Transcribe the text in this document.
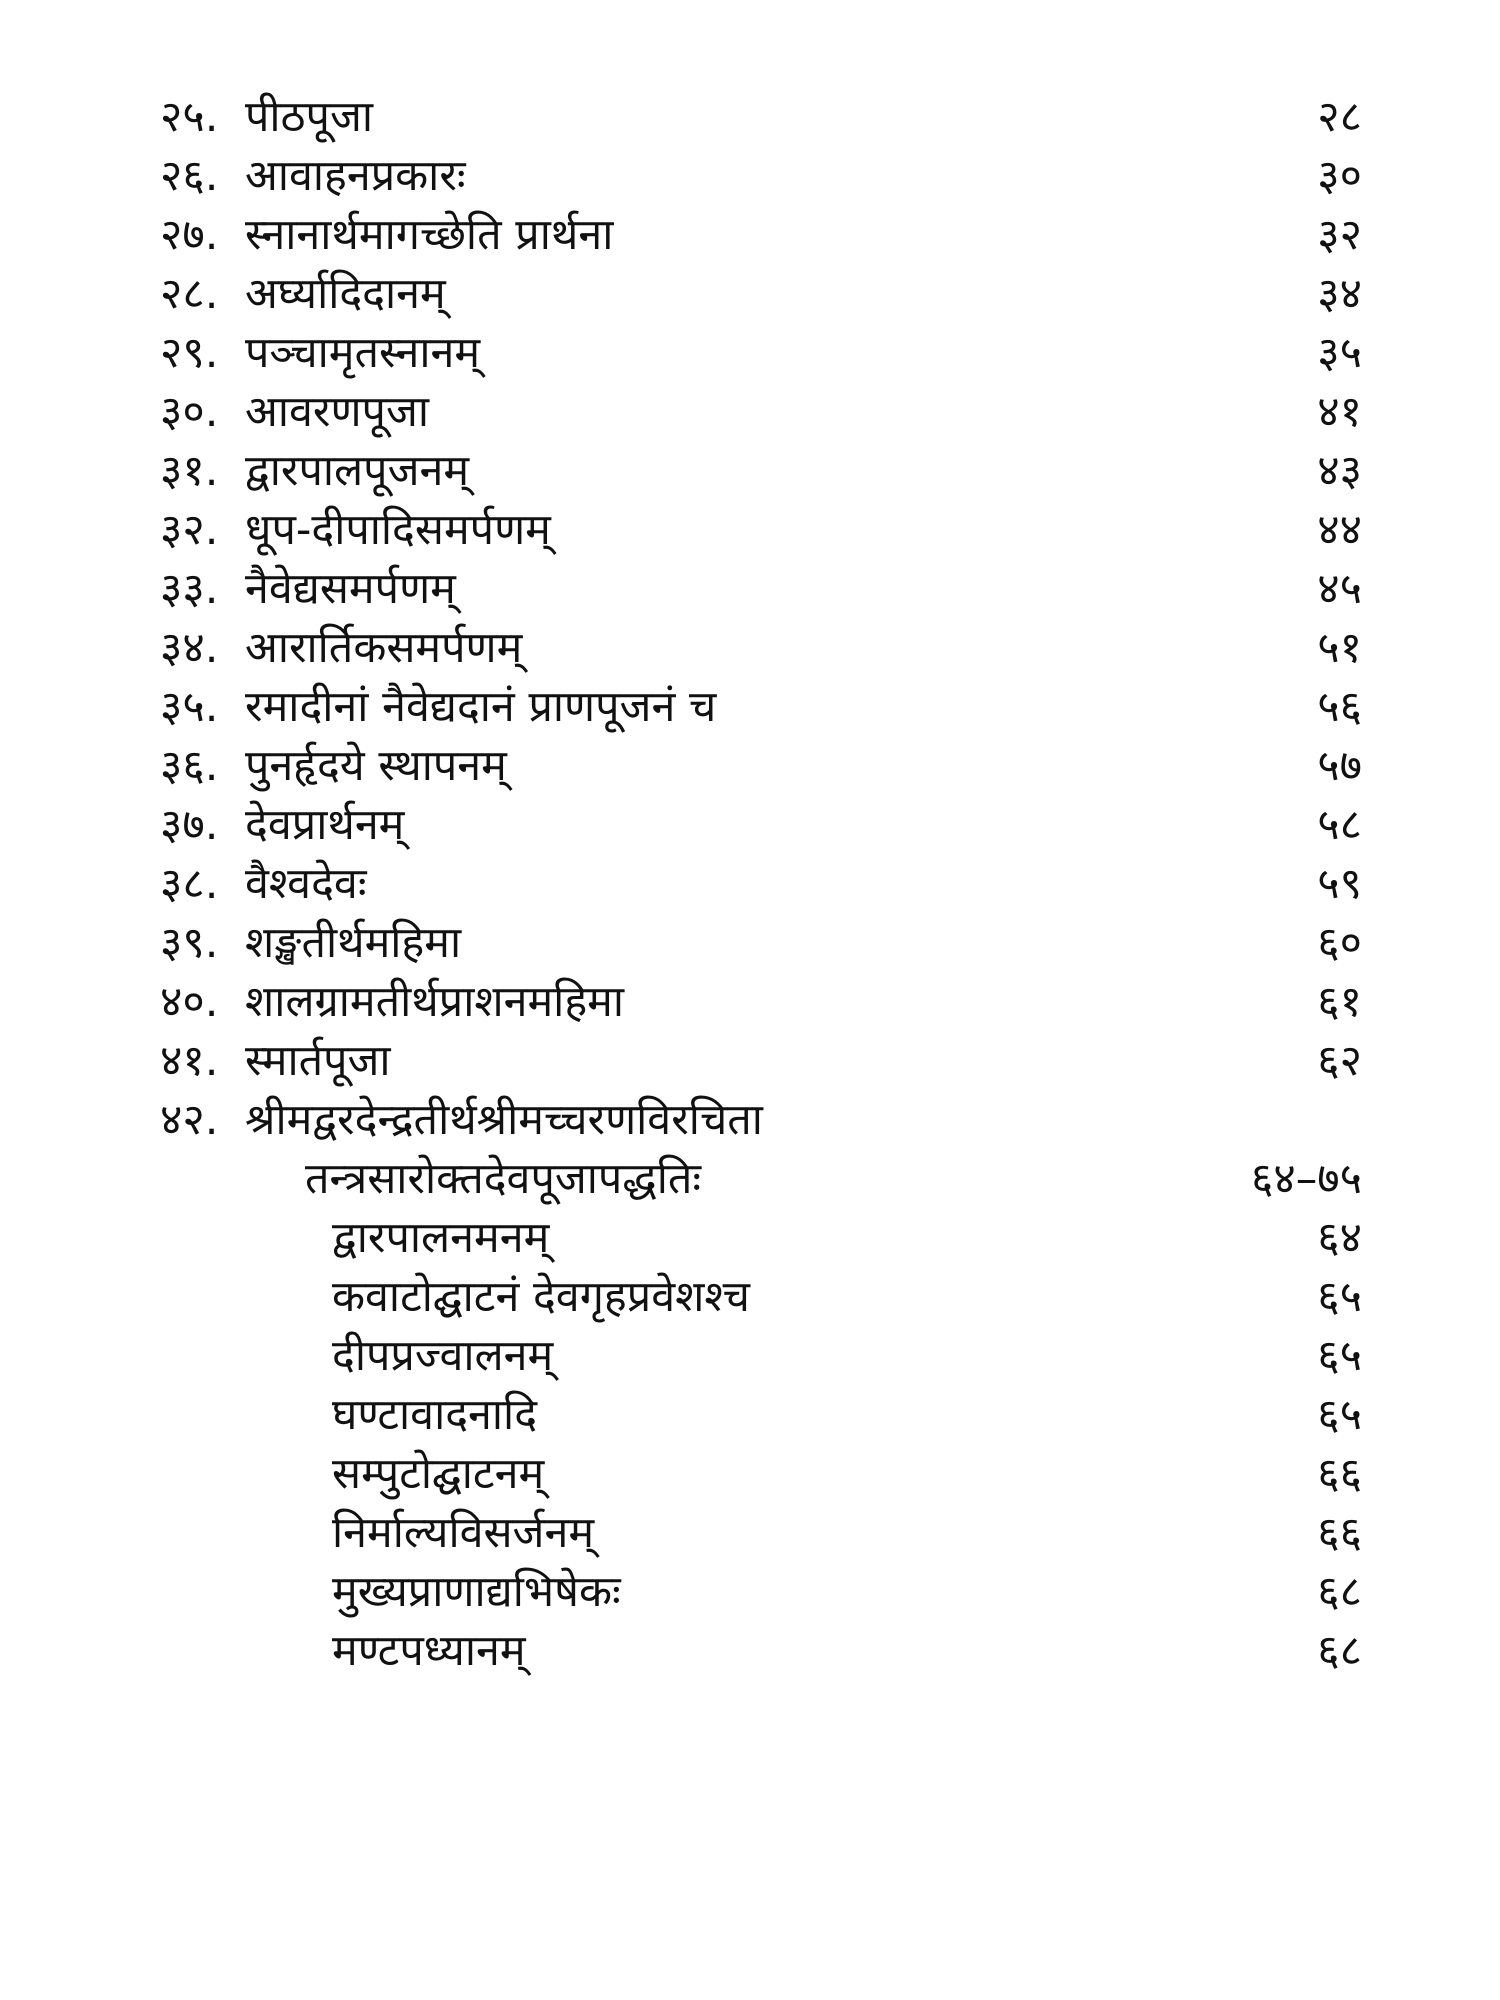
२५. पीठपूजा	२८
२६. आवाहनप्रकारः	३०
२७. स्नानार्थमागच्छेति प्रार्थना	३२
२८. अर्घ्यादिदानम्	३४
२९. पञ्चामृतस्नानम्	३५
३०. आवरणपूजा	४१
३१. द्वारपालपूजनम्	४३
३२. धूप-दीपादिसमर्पणम्	४४
३३. नैवेद्यसमर्पणम्	४५
३४. आरार्तिकसमर्पणम्	५१
३५. रमादीनां नैवेद्यदानं प्राणपूजनं च	५६
३६. पुनर्हृदये स्थापनम्	५७
३७. देवप्रार्थनम्	५८
३८. वैश्वदेवः	५९
३९. शङ्खतीर्थमहिमा	६०
४०. शालग्रामतीर्थप्राशनमहिमा	६१
४१. स्मार्तपूजा	६२
४२. श्रीमद्वरदेन्द्रतीर्थश्रीमच्चरणविरचिता
तन्त्रसारोक्तदेवपूजापद्धतिः	६४–७५
द्वारपालनमनम्	६४
कवाटोद्घाटनं देवगृहप्रवेशश्च	६५
दीपप्रज्वालनम्	६५
घण्टावादनादि	६५
सम्पुटोद्घाटनम्	६६
निर्माल्यविसर्जनम्	६६
मुख्यप्राणाद्यभिषेकः	६८
मण्टपध्यानम्	६८
